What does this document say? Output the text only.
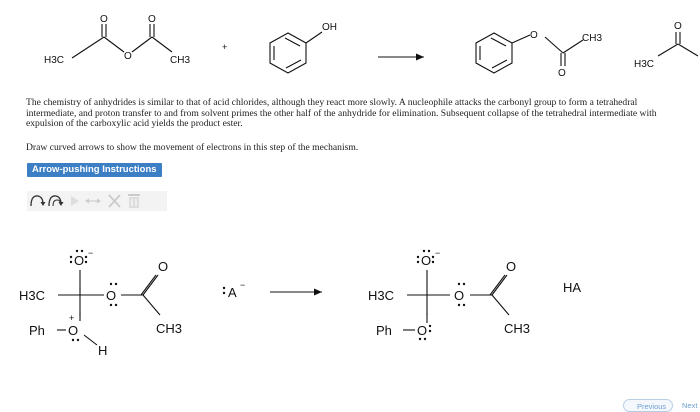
H3C	O	CH3
O	O
+
OH
O	CH3
O
H3C
O

The chemistry of anhydrides is similar to that of acid chlorides, although they react more slowly. A nucleophile attacks the carbonyl group to form a tetrahedral intermediate, and proton transfer to and from solvent primes the other half of the anhydride for elimination. Subsequent collapse of the tetrahedral intermediate with expulsion of the carboxylic acid yields the product ester.

Draw curved arrows to show the movement of electrons in this step of the mechanism.

Arrow-pushing Instructions
O −
H3C	O
O
CH3
Ph O
+
H
A −
O −
H3C	O
O
CH3
Ph O
HA
Previous	Next
